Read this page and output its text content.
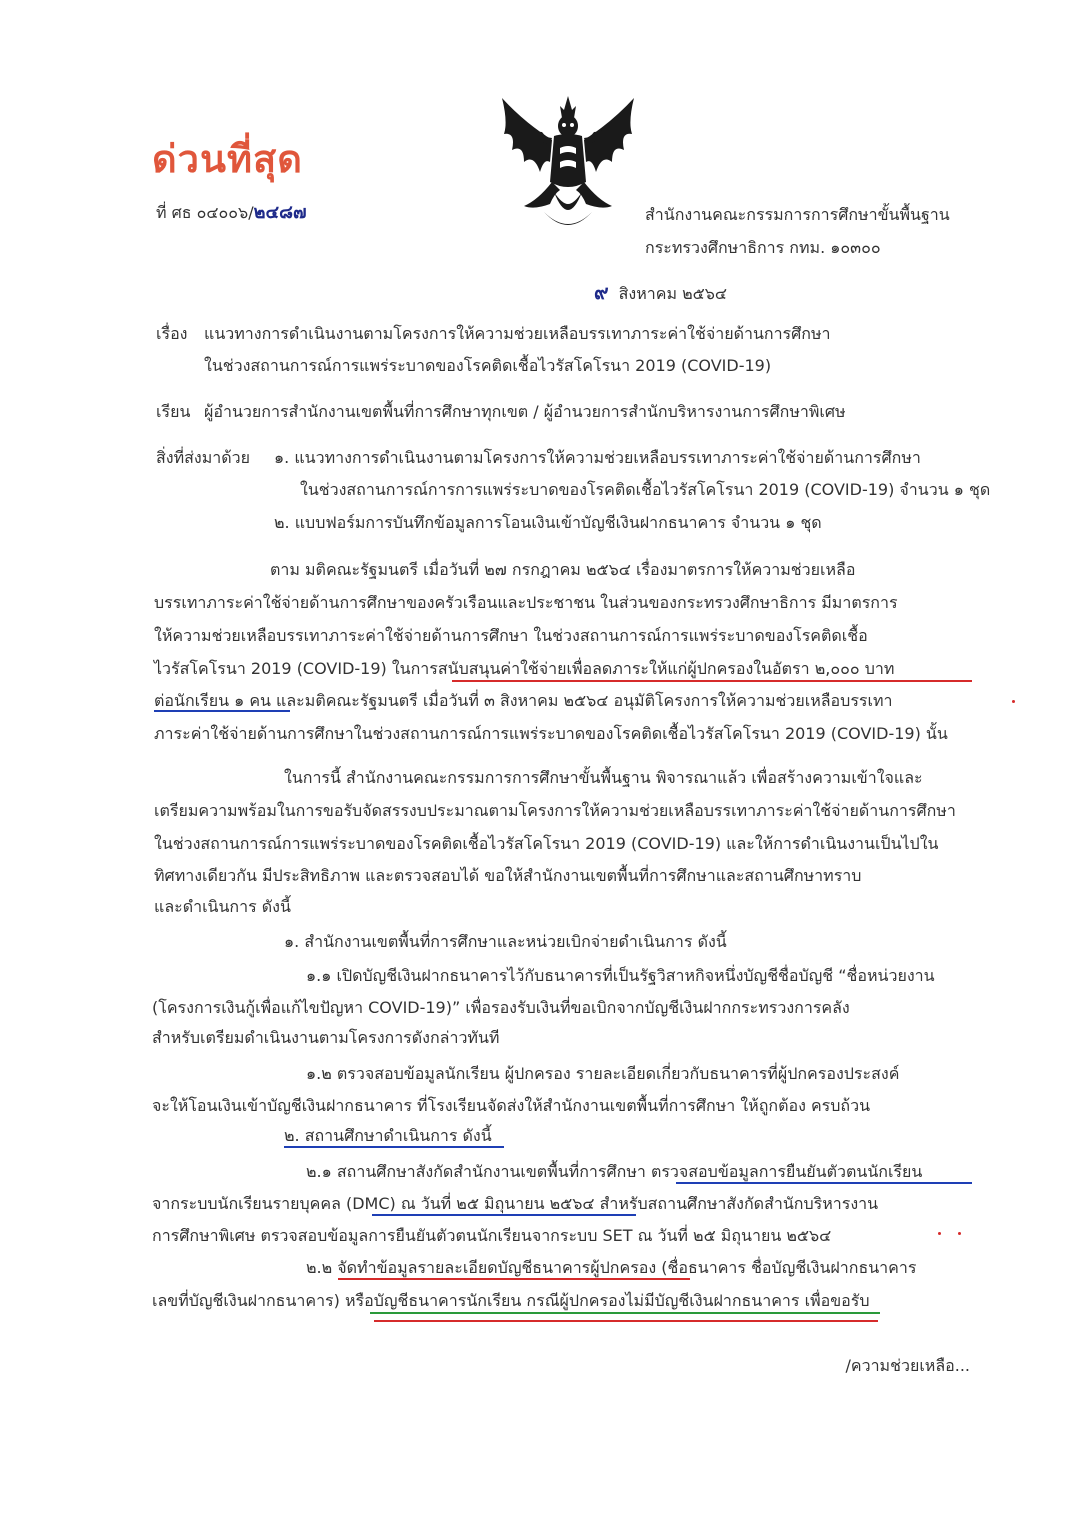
ด่วนที่สุด
ที่ ศธ ๐๔๐๐๖/๒๔๘๗	สำนักงานคณะกรรมการการศึกษาขั้นพื้นฐาน
กระทรวงศึกษาธิการ กทม. ๑๐๓๐๐
๙ สิงหาคม ๒๕๖๔
เรื่อง แนวทางการดำเนินงานตามโครงการให้ความช่วยเหลือบรรเทาภาระค่าใช้จ่ายด้านการศึกษา
ในช่วงสถานการณ์การแพร่ระบาดของโรคติดเชื้อไวรัสโคโรนา 2019 (COVID-19)
เรียน ผู้อำนวยการสำนักงานเขตพื้นที่การศึกษาทุกเขต / ผู้อำนวยการสำนักบริหารงานการศึกษาพิเศษ
สิ่งที่ส่งมาด้วย ๑. แนวทางการดำเนินงานตามโครงการให้ความช่วยเหลือบรรเทาภาระค่าใช้จ่ายด้านการศึกษา
ในช่วงสถานการณ์การการแพร่ระบาดของโรคติดเชื้อไวรัสโคโรนา 2019 (COVID-19) จำนวน ๑ ชุด
๒. แบบฟอร์มการบันทึกข้อมูลการโอนเงินเข้าบัญชีเงินฝากธนาคาร จำนวน ๑ ชุด
ตาม มติคณะรัฐมนตรี เมื่อวันที่ ๒๗ กรกฎาคม ๒๕๖๔ เรื่องมาตรการให้ความช่วยเหลือ
บรรเทาภาระค่าใช้จ่ายด้านการศึกษาของครัวเรือนและประชาชน ในส่วนของกระทรวงศึกษาธิการ มีมาตรการ
ให้ความช่วยเหลือบรรเทาภาระค่าใช้จ่ายด้านการศึกษา ในช่วงสถานการณ์การแพร่ระบาดของโรคติดเชื้อ
ไวรัสโคโรนา 2019 (COVID-19) ในการสนับสนุนค่าใช้จ่ายเพื่อลดภาระให้แก่ผู้ปกครองในอัตรา ๒,๐๐๐ บาท
ต่อนักเรียน ๑ คน และมติคณะรัฐมนตรี เมื่อวันที่ ๓ สิงหาคม ๒๕๖๔ อนุมัติโครงการให้ความช่วยเหลือบรรเทา
ภาระค่าใช้จ่ายด้านการศึกษาในช่วงสถานการณ์การแพร่ระบาดของโรคติดเชื้อไวรัสโคโรนา 2019 (COVID-19) นั้น
ในการนี้ สำนักงานคณะกรรมการการศึกษาขั้นพื้นฐาน พิจารณาแล้ว เพื่อสร้างความเข้าใจและ
เตรียมความพร้อมในการขอรับจัดสรรงบประมาณตามโครงการให้ความช่วยเหลือบรรเทาภาระค่าใช้จ่ายด้านการศึกษา
ในช่วงสถานการณ์การแพร่ระบาดของโรคติดเชื้อไวรัสโคโรนา 2019 (COVID-19) และให้การดำเนินงานเป็นไปใน
ทิศทางเดียวกัน มีประสิทธิภาพ และตรวจสอบได้ ขอให้สำนักงานเขตพื้นที่การศึกษาและสถานศึกษาทราบ
และดำเนินการ ดังนี้
๑. สำนักงานเขตพื้นที่การศึกษาและหน่วยเบิกจ่ายดำเนินการ ดังนี้
๑.๑ เปิดบัญชีเงินฝากธนาคารไว้กับธนาคารที่เป็นรัฐวิสาหกิจหนึ่งบัญชีชื่อบัญชี “ชื่อหน่วยงาน
(โครงการเงินกู้เพื่อแก้ไขปัญหา COVID-19)” เพื่อรองรับเงินที่ขอเบิกจากบัญชีเงินฝากกระทรวงการคลัง
สำหรับเตรียมดำเนินงานตามโครงการดังกล่าวทันที
๑.๒ ตรวจสอบข้อมูลนักเรียน ผู้ปกครอง รายละเอียดเกี่ยวกับธนาคารที่ผู้ปกครองประสงค์
จะให้โอนเงินเข้าบัญชีเงินฝากธนาคาร ที่โรงเรียนจัดส่งให้สำนักงานเขตพื้นที่การศึกษา ให้ถูกต้อง ครบถ้วน
๒. สถานศึกษาดำเนินการ ดังนี้
๒.๑ สถานศึกษาสังกัดสำนักงานเขตพื้นที่การศึกษา ตรวจสอบข้อมูลการยืนยันตัวตนนักเรียน
จากระบบนักเรียนรายบุคคล (DMC) ณ วันที่ ๒๕ มิถุนายน ๒๕๖๔ สำหรับสถานศึกษาสังกัดสำนักบริหารงาน
การศึกษาพิเศษ ตรวจสอบข้อมูลการยืนยันตัวตนนักเรียนจากระบบ SET ณ วันที่ ๒๕ มิถุนายน ๒๕๖๔
๒.๒ จัดทำข้อมูลรายละเอียดบัญชีธนาคารผู้ปกครอง (ชื่อธนาคาร ชื่อบัญชีเงินฝากธนาคาร
เลขที่บัญชีเงินฝากธนาคาร) หรือบัญชีธนาคารนักเรียน กรณีผู้ปกครองไม่มีบัญชีเงินฝากธนาคาร เพื่อขอรับ
/ความช่วยเหลือ...
